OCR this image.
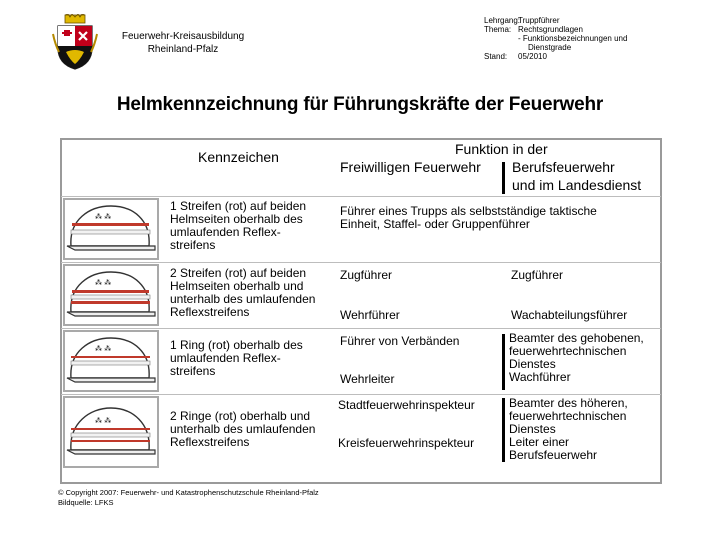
Feuerwehr-Kreisausbildung
Rheinland-Pfalz
Lehrgang:
Truppführer
Thema: Rechtsgrundlagen
- Funktionsbezeichnungen und
Dienstgrade
Stand:	05/2010
Helmkennzeichnung für Führungskräfte der Feuerwehr
⁂ ⁂
⁂ ⁂
⁂ ⁂
⁂ ⁂
Kennzeichen	Funktion in der
Freiwilligen Feuerwehr Berufsfeuerwehr
und im Landesdienst
1 Streifen (rot) auf beiden
Helmseiten oberhalb des
umlaufenden Reflex-
streifens
Führer eines Trupps als selbstständige taktische
Einheit, Staffel- oder Gruppenführer
2 Streifen (rot) auf beiden
Helmseiten oberhalb und
unterhalb des umlaufenden
Reflexstreifens
Zugführer
Wehrführer
Zugführer
Wachabteilungsführer
1 Ring (rot) oberhalb des
umlaufenden Reflex-
streifens
Führer von Verbänden
Wehrleiter
Beamter des gehobenen,
feuerwehrtechnischen
Dienstes
Wachführer
2 Ringe (rot) oberhalb und
unterhalb des umlaufenden
Reflexstreifens
Stadtfeuerwehrinspekteur
Kreisfeuerwehrinspekteur
Beamter des höheren,
feuerwehrtechnischen
Dienstes
Leiter einer
Berufsfeuerwehr
© Copyright 2007: Feuerwehr- und Katastrophenschutzschule Rheinland-Pfalz
Bildquelle: LFKS
